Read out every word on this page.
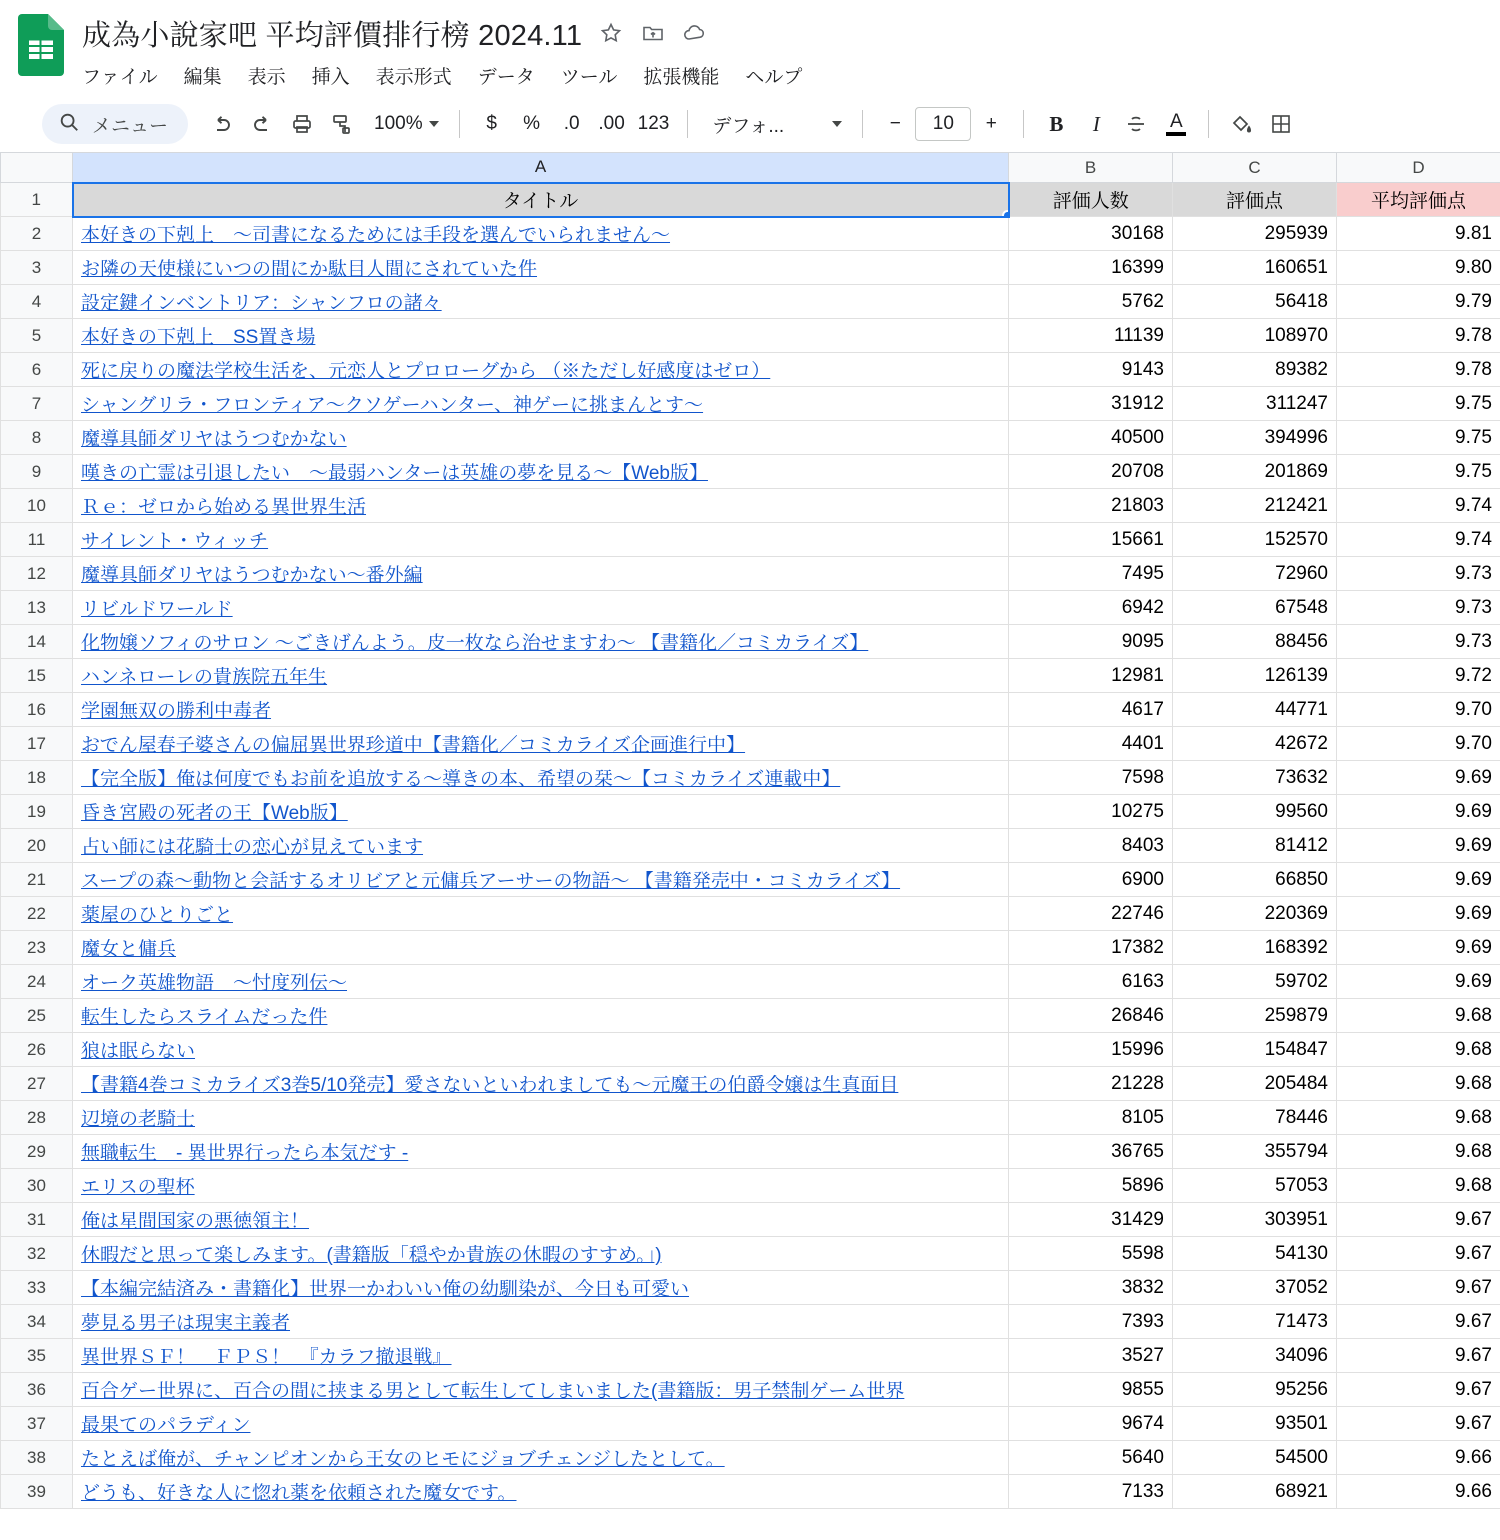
成為小說家吧 平均評價排行榜 2024.11
ファイル 編集 表示 挿入 表示形式 データ ツール 拡張機能 ヘルプ
メニュー	100%	$	%	.0 .00 123	デフォ...	−	10	+	B	I	A
	A	B	C	D
1	タイトル	評価人数	評価点	平均評価点
2	本好きの下剋上　〜司書になるためには手段を選んでいられません〜	30168	295939	9.81
3	お隣の天使様にいつの間にか駄目人間にされていた件	16399	160651	9.80
4	設定鍵インベントリア：シャンフロの諸々	5762	56418	9.79
5	本好きの下剋上　SS置き場	11139	108970	9.78
6	死に戻りの魔法学校生活を、元恋人とプロローグから （※ただし好感度はゼロ）	9143	89382	9.78
7	シャングリラ・フロンティア〜クソゲーハンター、神ゲーに挑まんとす〜	31912	311247	9.75
8	魔導具師ダリヤはうつむかない	40500	394996	9.75
9	嘆きの亡霊は引退したい　〜最弱ハンターは英雄の夢を見る〜【Web版】	20708	201869	9.75
10	Ｒｅ：ゼロから始める異世界生活	21803	212421	9.74
11	サイレント・ウィッチ	15661	152570	9.74
12	魔導具師ダリヤはうつむかない〜番外編	7495	72960	9.73
13	リビルドワールド	6942	67548	9.73
14	化物嬢ソフィのサロン 〜ごきげんよう。皮一枚なら治せますわ〜 【書籍化／コミカライズ】	9095	88456	9.73
15	ハンネローレの貴族院五年生	12981	126139	9.72
16	学園無双の勝利中毒者	4617	44771	9.70
17	おでん屋春子婆さんの偏屈異世界珍道中【書籍化／コミカライズ企画進行中】	4401	42672	9.70
18	【完全版】俺は何度でもお前を追放する〜導きの本、希望の栞〜【コミカライズ連載中】	7598	73632	9.69
19	昏き宮殿の死者の王【Web版】	10275	99560	9.69
20	占い師には花騎士の恋心が見えています	8403	81412	9.69
21	スープの森〜動物と会話するオリビアと元傭兵アーサーの物語〜 【書籍発売中・コミカライズ】	6900	66850	9.69
22	薬屋のひとりごと	22746	220369	9.69
23	魔女と傭兵	17382	168392	9.69
24	オーク英雄物語　〜忖度列伝〜	6163	59702	9.69
25	転生したらスライムだった件	26846	259879	9.68
26	狼は眠らない	15996	154847	9.68
27	【書籍4巻コミカライズ3巻5/10発売】愛さないといわれましても〜元魔王の伯爵令嬢は生真面目	21228	205484	9.68
28	辺境の老騎士	8105	78446	9.68
29	無職転生　- 異世界行ったら本気だす -	36765	355794	9.68
30	エリスの聖杯	5896	57053	9.68
31	俺は星間国家の悪徳領主！	31429	303951	9.67
32	休暇だと思って楽しみます。(書籍版「穏やか貴族の休暇のすすめ。」)	5598	54130	9.67
33	【本編完結済み・書籍化】世界一かわいい俺の幼馴染が、今日も可愛い	3832	37052	9.67
34	夢見る男子は現実主義者	7393	71473	9.67
35	異世界ＳＦ！　ＦＰＳ！　『カラフ撤退戦』	3527	34096	9.67
36	百合ゲー世界に、百合の間に挟まる男として転生してしまいました(書籍版：男子禁制ゲーム世界	9855	95256	9.67
37	最果てのパラディン	9674	93501	9.67
38	たとえば俺が、チャンピオンから王女のヒモにジョブチェンジしたとして。	5640	54500	9.66
39	どうも、好きな人に惚れ薬を依頼された魔女です。	7133	68921	9.66
